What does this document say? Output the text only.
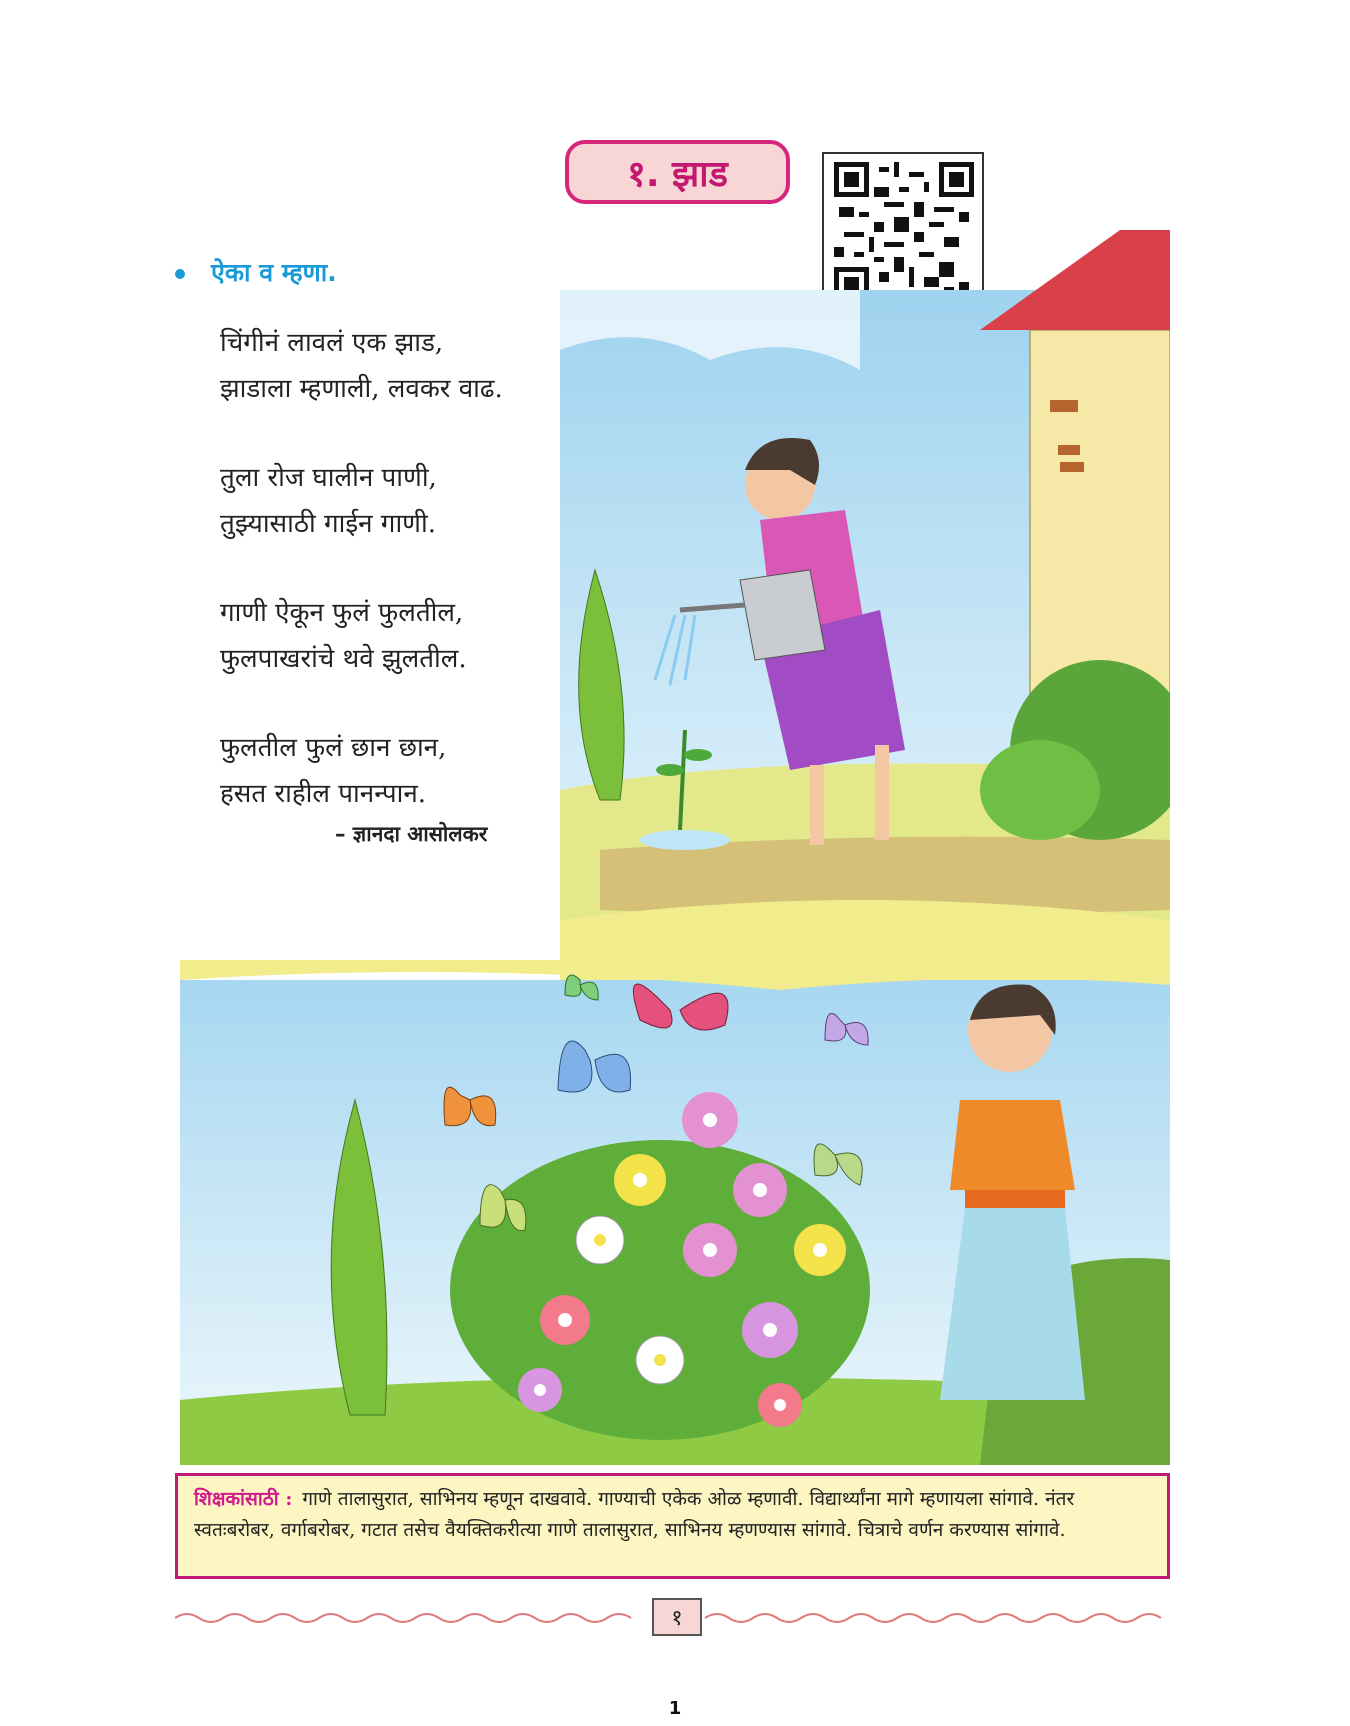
१. झाड
ऐका व म्हणा.
चिंगीनं लावलं एक झाड,
झाडाला म्हणाली, लवकर वाढ.
तुला रोज घालीन पाणी,
तुझ्यासाठी गाईन गाणी.
गाणी ऐकून फुलं फुलतील,
फुलपाखरांचे थवे झुलतील.
फुलतील फुलं छान छान,
हसत राहील पानन्पान.
– ज्ञानदा आसोलकर
शिक्षकांसाठी : गाणे तालासुरात, साभिनय म्हणून दाखवावे. गाण्याची एकेक ओळ म्हणावी. विद्यार्थ्यांना मागे म्हणायला सांगावे. नंतर स्वतःबरोबर, वर्गाबरोबर, गटात तसेच वैयक्तिकरीत्या गाणे तालासुरात, साभिनय म्हणण्यास सांगावे. चित्राचे वर्णन करण्यास सांगावे.
१
1
